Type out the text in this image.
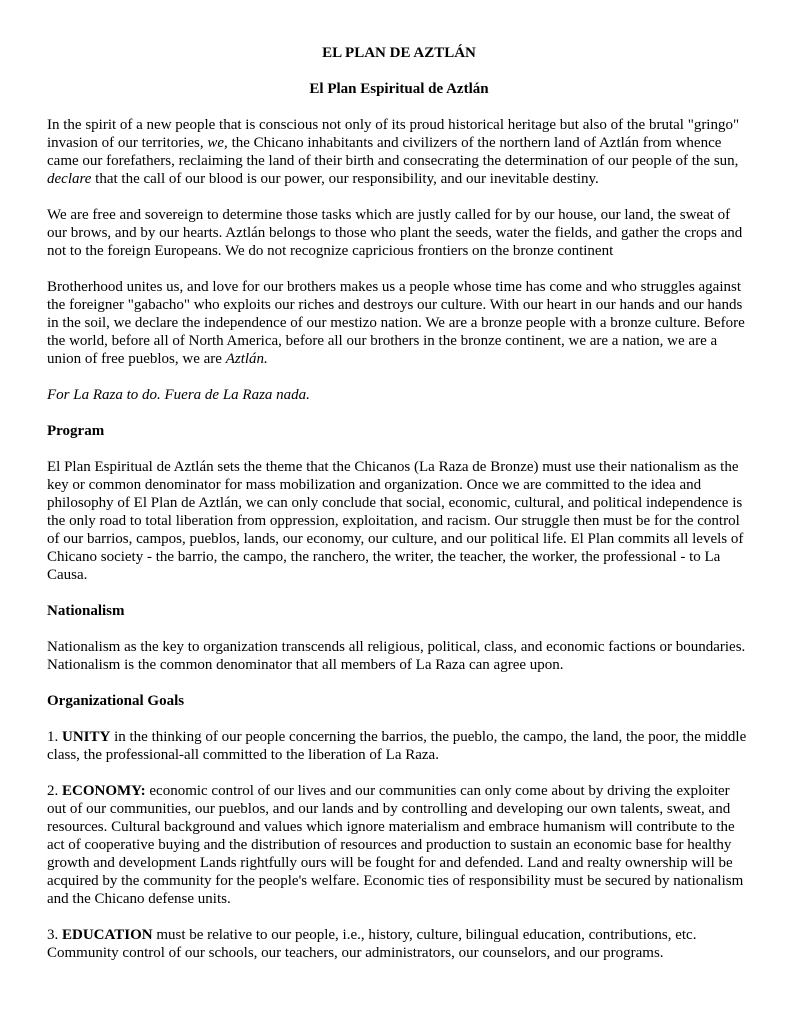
EL PLAN DE AZTLÁN
El Plan Espiritual de Aztlán

In the spirit of a new people that is conscious not only of its proud historical heritage but also of the brutal "gringo" invasion of our territories, we, the Chicano inhabitants and civilizers of the northern land of Aztlán from whence came our forefathers, reclaiming the land of their birth and consecrating the determination of our people of the sun, declare that the call of our blood is our power, our responsibility, and our inevitable destiny.

We are free and sovereign to determine those tasks which are justly called for by our house, our land, the sweat of our brows, and by our hearts. Aztlán belongs to those who plant the seeds, water the fields, and gather the crops and not to the foreign Europeans. We do not recognize capricious frontiers on the bronze continent

Brotherhood unites us, and love for our brothers makes us a people whose time has come and who struggles against the foreigner "gabacho" who exploits our riches and destroys our culture. With our heart in our hands and our hands in the soil, we declare the independence of our mestizo nation. We are a bronze people with a bronze culture. Before the world, before all of North America, before all our brothers in the bronze continent, we are a nation, we are a union of free pueblos, we are Aztlán.

For La Raza to do. Fuera de La Raza nada.

Program

El Plan Espiritual de Aztlán sets the theme that the Chicanos (La Raza de Bronze) must use their nationalism as the key or common denominator for mass mobilization and organization. Once we are committed to the idea and philosophy of El Plan de Aztlán, we can only conclude that social, economic, cultural, and political independence is the only road to total liberation from oppression, exploitation, and racism. Our struggle then must be for the control of our barrios, campos, pueblos, lands, our economy, our culture, and our political life. El Plan commits all levels of Chicano society - the barrio, the campo, the ranchero, the writer, the teacher, the worker, the professional - to La Causa.

Nationalism

Nationalism as the key to organization transcends all religious, political, class, and economic factions or boundaries. Nationalism is the common denominator that all members of La Raza can agree upon.

Organizational Goals

1. UNITY in the thinking of our people concerning the barrios, the pueblo, the campo, the land, the poor, the middle class, the professional-all committed to the liberation of La Raza.

2. ECONOMY: economic control of our lives and our communities can only come about by driving the exploiter out of our communities, our pueblos, and our lands and by controlling and developing our own talents, sweat, and resources. Cultural background and values which ignore materialism and embrace humanism will contribute to the act of cooperative buying and the distribution of resources and production to sustain an economic base for healthy growth and development Lands rightfully ours will be fought for and defended. Land and realty ownership will be acquired by the community for the people's welfare. Economic ties of responsibility must be secured by nationalism and the Chicano defense units.

3. EDUCATION must be relative to our people, i.e., history, culture, bilingual education, contributions, etc. Community control of our schools, our teachers, our administrators, our counselors, and our programs.
